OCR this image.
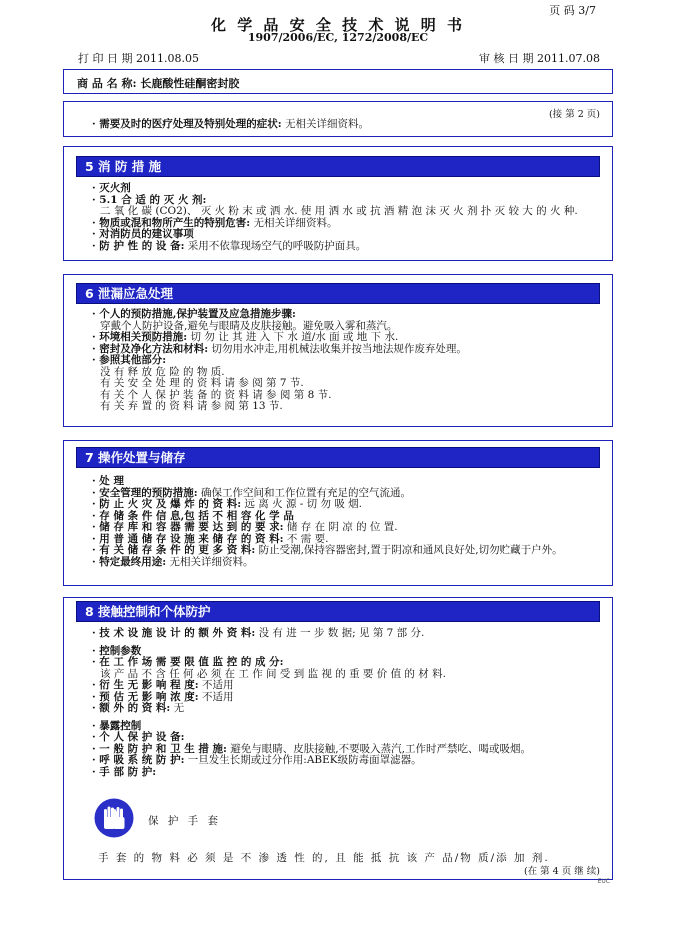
页 码 3/7
化 学 品 安 全 技 术 说 明 书
1907/2006/EC, 1272/2008/EC
打 印 日 期 2011.08.05	审 核 日 期 2011.07.08
商 品 名 称: 长鹿酸性硅酮密封胶
(接 第 2 页)
· 需要及时的医疗处理及特别处理的症状: 无相关详细资料。
5 消 防 措 施
· 灭火剂
· 5.1 合 适 的 灭 火 剂:
二 氧 化 碳 (CO2)、 灭 火 粉 末 或 洒 水. 使 用 洒 水 或 抗 酒 精 泡 沫 灭 火 剂 扑 灭 较 大 的 火 种.
· 物质或混和物所产生的特别危害: 无相关详细资料。
· 对消防员的建议事项
· 防 护 性 的 设 备: 采用不依靠现场空气的呼吸防护面具。
6 泄漏应急处理
· 个人的预防措施,保护装置及应急措施步骤:
穿戴个人防护设备,避免与眼睛及皮肤接触。避免吸入雾和蒸汽。
· 环境相关预防措施: 切 勿 让 其 进 入 下 水 道/水 面 或 地 下 水.
· 密封及净化方法和材料: 切勿用水冲走,用机械法收集并按当地法规作废弃处理。
· 参照其他部分:
没 有 释 放 危 险 的 物 质.
有 关 安 全 处 理 的 资 料 请 参 阅 第 7 节.
有 关 个 人 保 护 装 备 的 资 料 请 参 阅 第 8 节.
有 关 弃 置 的 资 料 请 参 阅 第 13 节.
7 操作处置与储存
· 处 理
· 安全管理的预防措施: 确保工作空间和工作位置有充足的空气流通。
· 防 止 火 灾 及 爆 炸 的 资 料: 远 离 火 源 - 切 勿 吸 烟.
· 存 储 条 件 信 息,包 括 不 相 容 化 学 品
· 储 存 库 和 容 器 需 要 达 到 的 要 求: 储 存 在 阴 凉 的 位 置.
· 用 普 通 储 存 设 施 来 储 存 的 资 料: 不 需 要.
· 有 关 储 存 条 件 的 更 多 资 料: 防止受潮,保持容器密封,置于阴凉和通风良好处,切勿贮藏于户外。
· 特定最终用途: 无相关详细资料。
8 接触控制和个体防护
· 技 术 设 施 设 计 的 额 外 资 料: 没 有 进 一 步 数 据; 见 第 7 部 分.
· 控制参数
· 在 工 作 场 需 要 限 值 监 控 的 成 分:
该 产 品 不 含 任 何 必 须 在 工 作 间 受 到 监 视 的 重 要 价 值 的 材 料.
· 衍 生 无 影 响 程 度: 不适用
· 预 估 无 影 响 浓 度: 不适用
· 额 外 的 资 料: 无
· 暴露控制
· 个 人 保 护 设 备:
· 一 般 防 护 和 卫 生 措 施: 避免与眼睛、皮肤接触,不要吸入蒸汽,工作时严禁吃、喝或吸烟。
· 呼 吸 系 统 防 护: 一旦发生长期或过分作用:ABEK级防毒面罩滤器。
· 手 部 防 护:
保 护 手 套
手 套 的 物 料 必 须 是 不 渗 透 性 的, 且 能 抵 抗 该 产 品/物 质/添 加 剂.
(在 第 4 页 继 续)
EUC
